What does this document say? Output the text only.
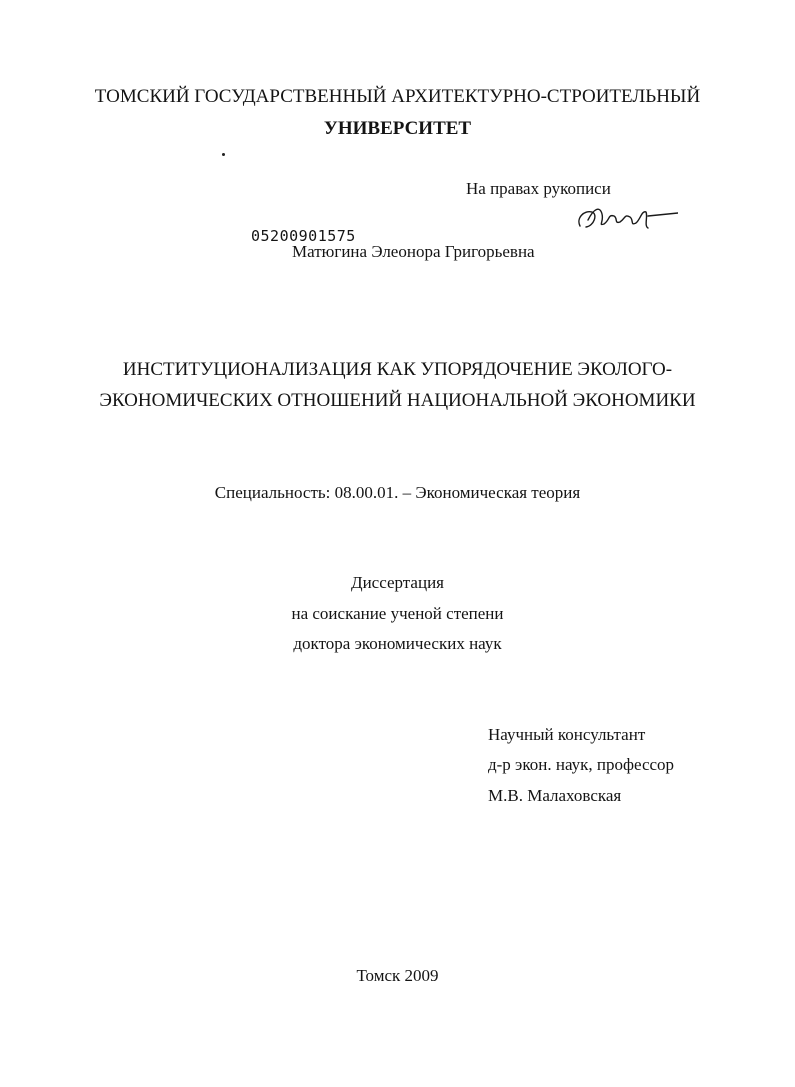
ТОМСКИЙ ГОСУДАРСТВЕННЫЙ АРХИТЕКТУРНО-СТРОИТЕЛЬНЫЙ

УНИВЕРСИТЕТ

На правах рукописи

05200901575

Матюгина Элеонора Григорьевна

ИНСТИТУЦИОНАЛИЗАЦИЯ КАК УПОРЯДОЧЕНИЕ ЭКОЛОГО-

ЭКОНОМИЧЕСКИХ ОТНОШЕНИЙ НАЦИОНАЛЬНОЙ ЭКОНОМИКИ

Специальность: 08.00.01. – Экономическая теория

Диссертация

на соискание ученой степени

доктора экономических наук

Научный консультант

д-р экон. наук, профессор

М.В. Малаховская

Томск 2009
